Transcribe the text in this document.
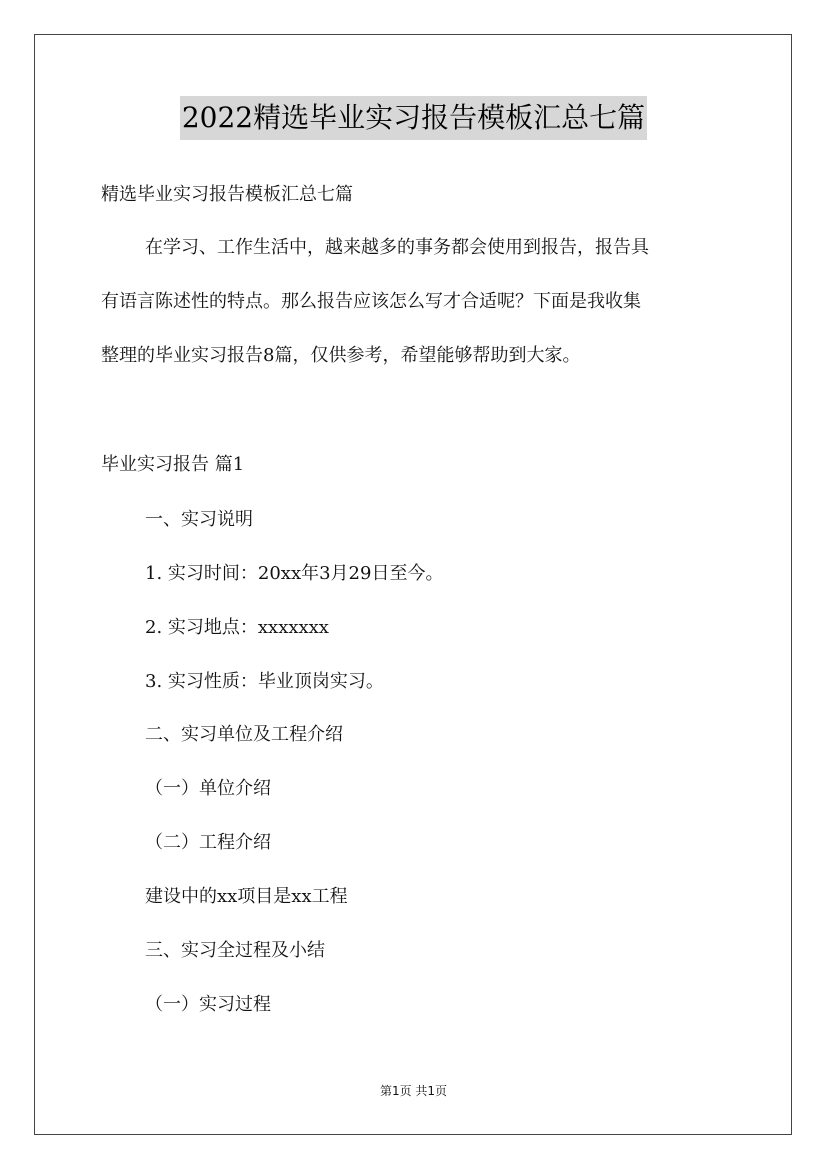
2022精选毕业实习报告模板汇总七篇
精选毕业实习报告模板汇总七篇
在学习、工作生活中，越来越多的事务都会使用到报告，报告具
有语言陈述性的特点。那么报告应该怎么写才合适呢？下面是我收集
整理的毕业实习报告8篇，仅供参考，希望能够帮助到大家。
毕业实习报告 篇1
一、实习说明
1. 实习时间：20xx年3月29日至今。
2. 实习地点：xxxxxxx
3. 实习性质：毕业顶岗实习。
二、实习单位及工程介绍
（一）单位介绍
（二）工程介绍
建设中的xx项目是xx工程
三、实习全过程及小结
（一）实习过程
第1页 共1页
